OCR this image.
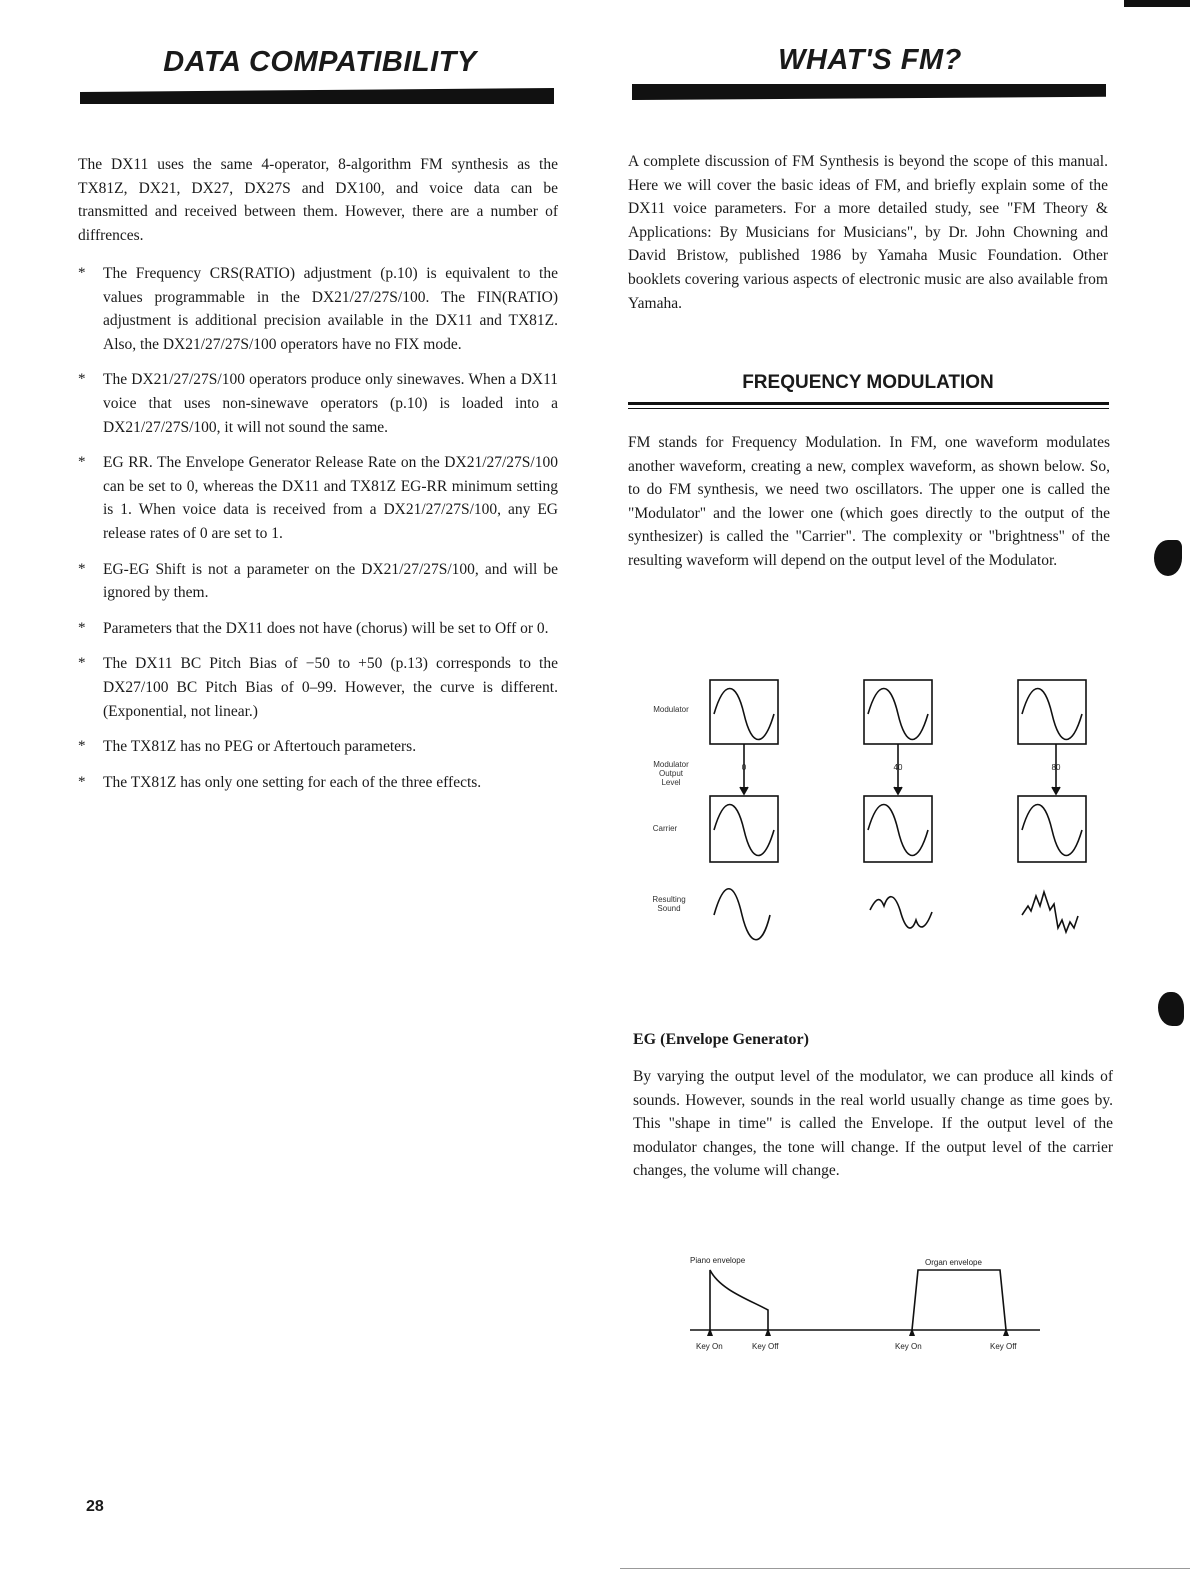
DATA COMPATIBILITY

The DX11 uses the same 4-operator, 8-algorithm FM synthesis as the TX81Z, DX21, DX27, DX27S and DX100, and voice data can be transmitted and received between them. However, there are a number of diffrences.

* The Frequency CRS(RATIO) adjustment (p.10) is equivalent to the values programmable in the DX21/27/27S/100. The FIN(RATIO) adjustment is additional precision available in the DX11 and TX81Z. Also, the DX21/27/27S/100 operators have no FIX mode.
* The DX21/27/27S/100 operators produce only sinewaves. When a DX11 voice that uses non-sinewave operators (p.10) is loaded into a DX21/27/27S/100, it will not sound the same.
* EG RR. The Envelope Generator Release Rate on the DX21/27/27S/100 can be set to 0, whereas the DX11 and TX81Z EG-RR minimum setting is 1. When voice data is received from a DX21/27/27S/100, any EG release rates of 0 are set to 1.
* EG-EG Shift is not a parameter on the DX21/27/27S/100, and will be ignored by them.
* Parameters that the DX11 does not have (chorus) will be set to Off or 0.
* The DX11 BC Pitch Bias of −50 to +50 (p.13) corresponds to the DX27/100 BC Pitch Bias of 0–99. However, the curve is different. (Exponential, not linear.)
* The TX81Z has no PEG or Aftertouch parameters.
* The TX81Z has only one setting for each of the three effects.
WHAT'S FM?

A complete discussion of FM Synthesis is beyond the scope of this manual. Here we will cover the basic ideas of FM, and briefly explain some of the DX11 voice parameters. For a more detailed study, see "FM Theory & Applications: By Musicians for Musicians", by Dr. John Chowning and David Bristow, published 1986 by Yamaha Music Foundation. Other booklets covering various aspects of electronic music are also available from Yamaha.

FREQUENCY MODULATION

FM stands for Frequency Modulation. In FM, one waveform modulates another waveform, creating a new, complex waveform, as shown below. So, to do FM synthesis, we need two oscillators. The upper one is called the "Modulator" and the lower one (which goes directly to the output of the synthesizer) is called the "Carrier". The complexity or "brightness" of the resulting waveform will depend on the output level of the Modulator.

Modulator
Modulator
Output
Level
Carrier
Resulting
Sound
0	40	80
EG (Envelope Generator)

By varying the output level of the modulator, we can produce all kinds of sounds. However, sounds in the real world usually change as time goes by. This "shape in time" is called the Envelope. If the output level of the modulator changes, the tone will change. If the output level of the carrier changes, the volume will change.

Piano envelope	Organ envelope
Key On	Key Off	Key On	Key Off
28
